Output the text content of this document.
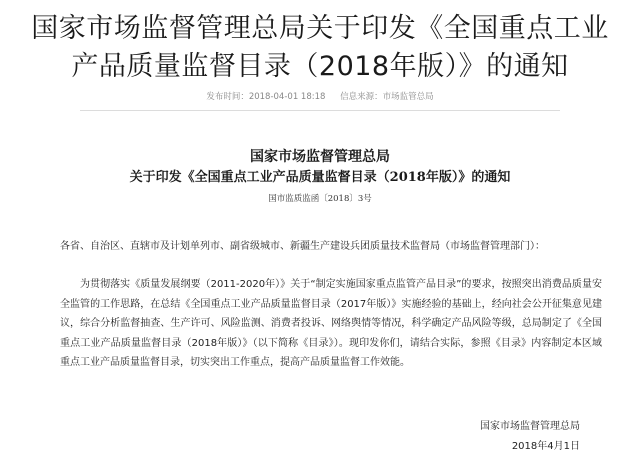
国家市场监督管理总局关于印发《全国重点工业产品质量监督目录（2018年版）》的通知
发布时间：2018-04-01 18:18 信息来源：市场监管总局
国家市场监督管理总局
关于印发《全国重点工业产品质量监督目录（2018年版）》的通知
国市监质监函〔2018〕3号
各省、自治区、直辖市及计划单列市、副省级城市、新疆生产建设兵团质量技术监督局（市场监督管理部门）：
为贯彻落实《质量发展纲要（2011-2020年）》关于“制定实施国家重点监管产品目录”的要求，按照突出消费品质量安全监管的工作思路，在总结《全国重点工业产品质量监督目录（2017年版）》实施经验的基础上，经向社会公开征集意见建议，综合分析监督抽查、生产许可、风险监测、消费者投诉、网络舆情等情况，科学确定产品风险等级，总局制定了《全国重点工业产品质量监督目录（2018年版）》（以下简称《目录》）。现印发你们，请结合实际，参照《目录》内容制定本区域重点工业产品质量监督目录，切实突出工作重点，提高产品质量监督工作效能。
国家市场监督管理总局
2018年4月1日
